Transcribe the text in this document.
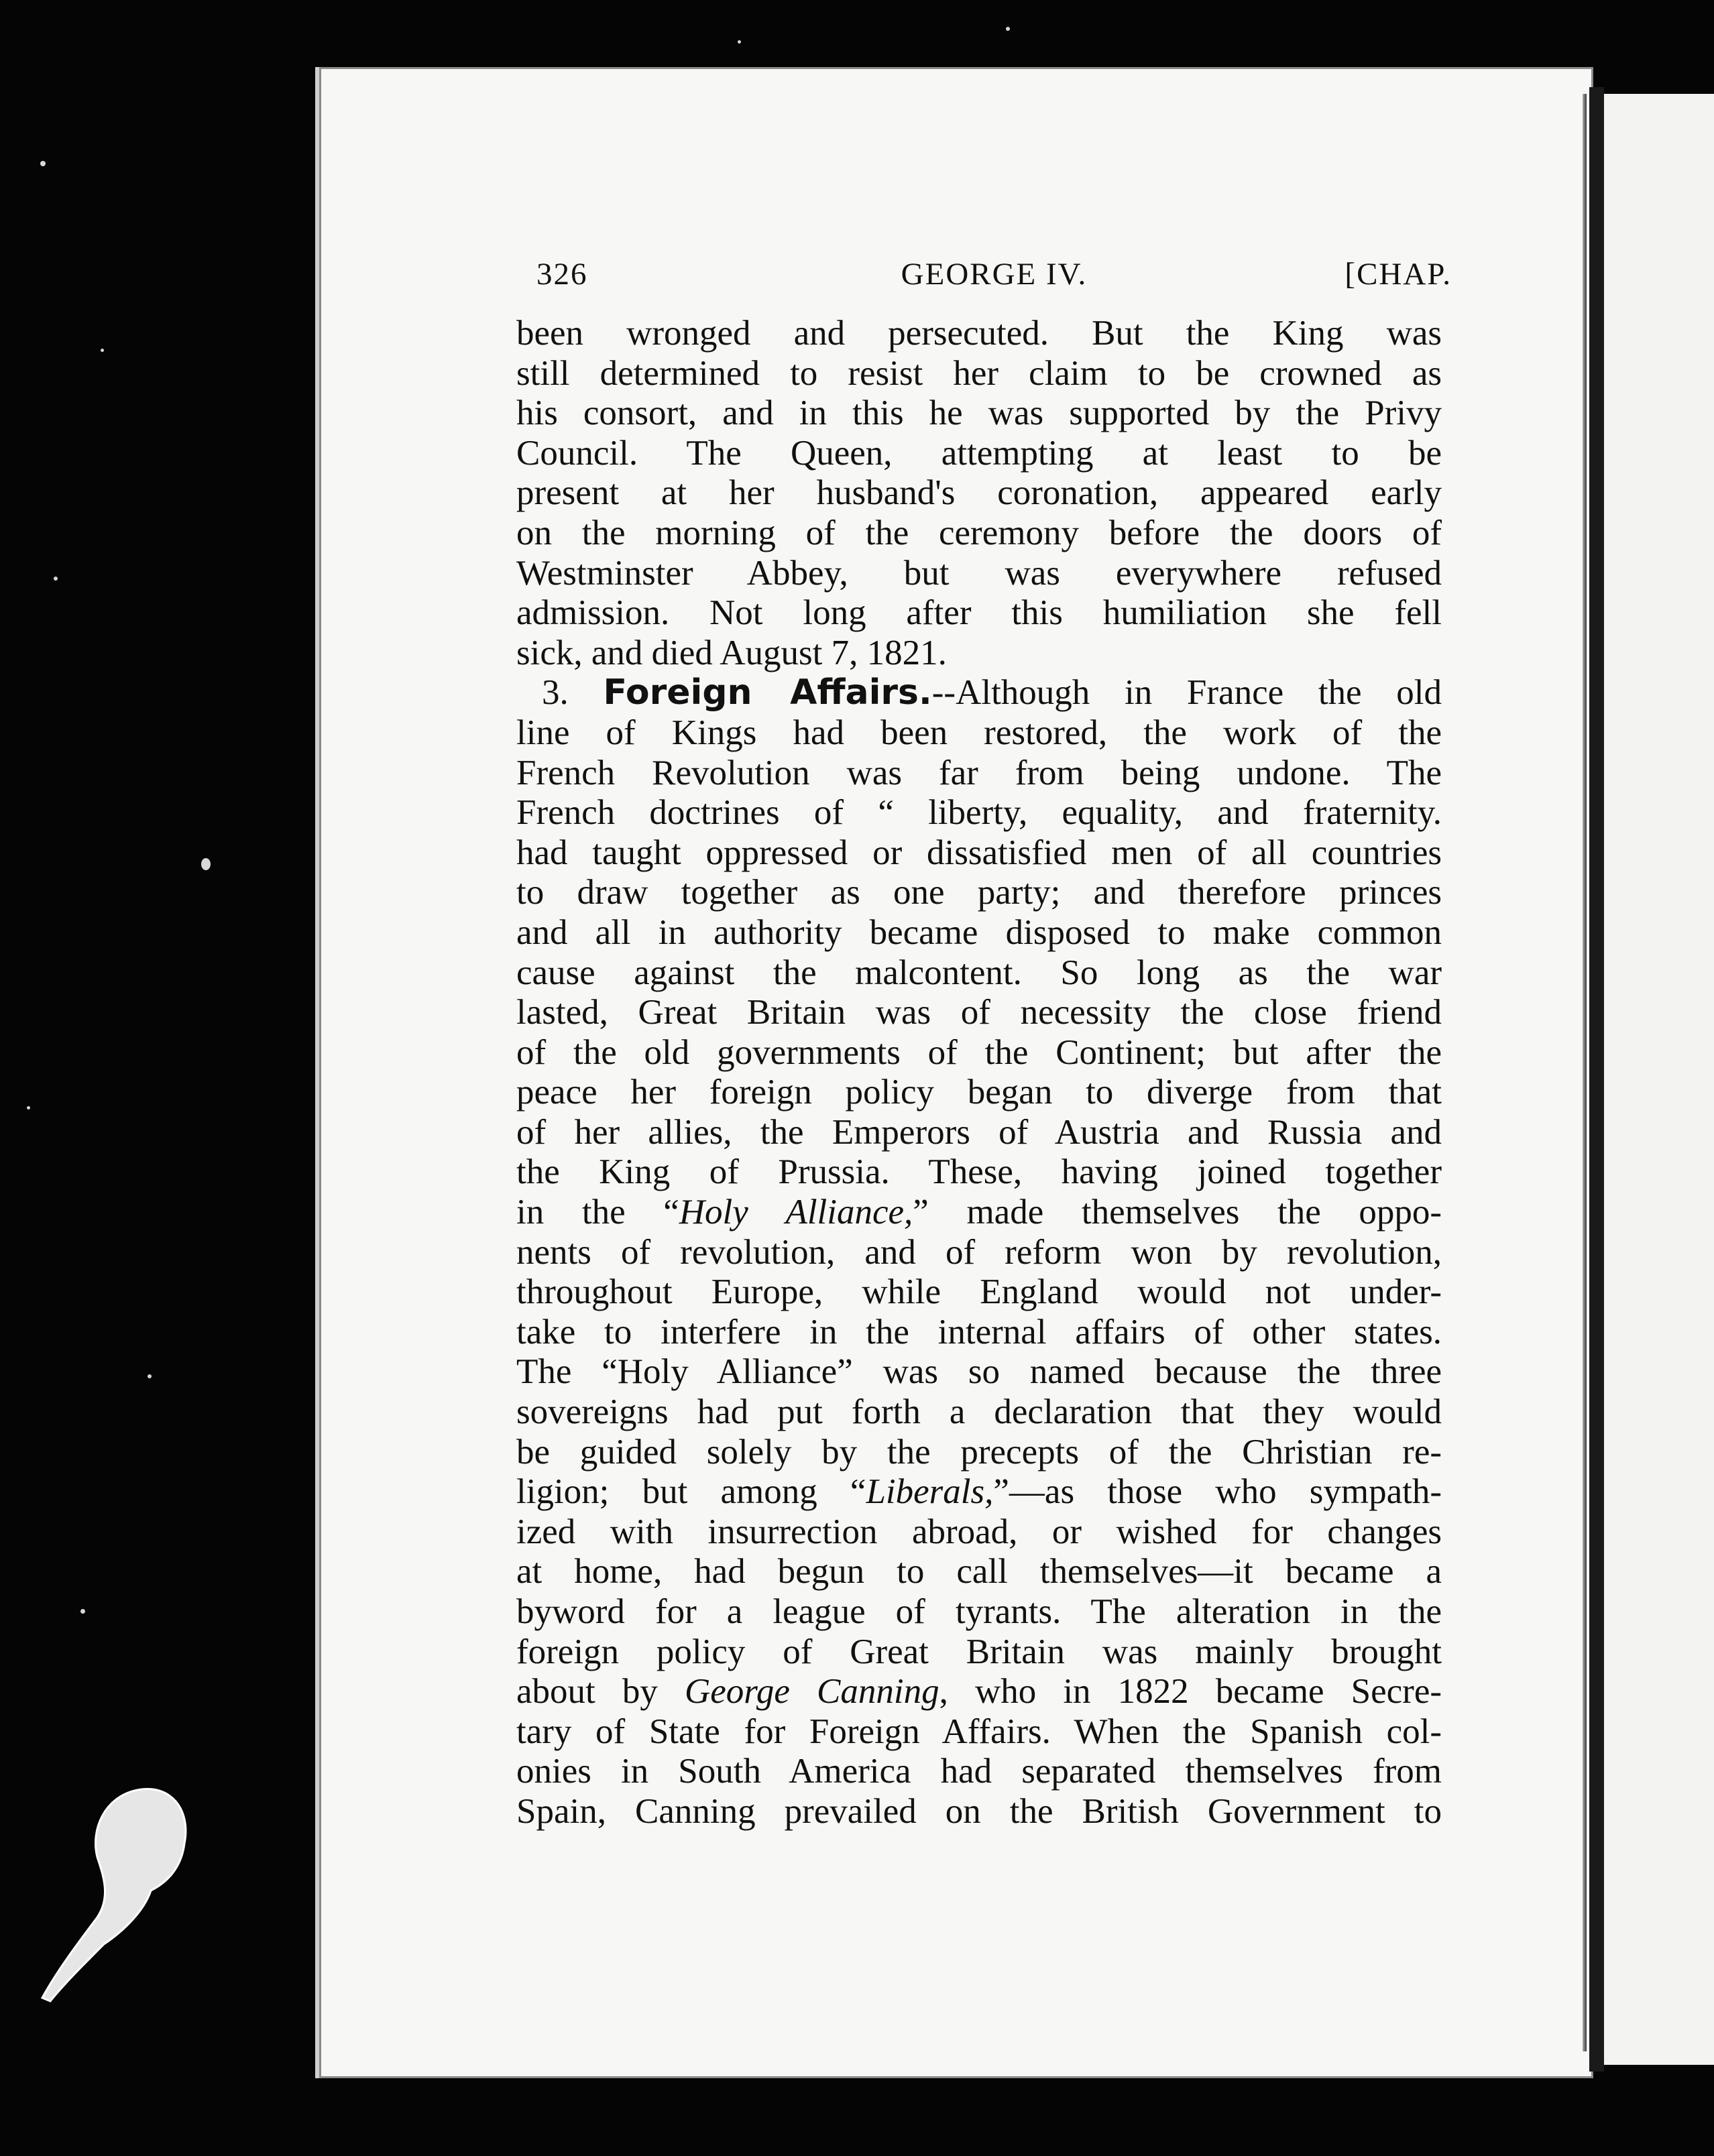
326	GEORGE IV.	[CHAP.
been wronged and persecuted. But the King was
still determined to resist her claim to be crowned as
his consort, and in this he was supported by the Privy
Council. The Queen, attempting at least to be
present at her husband's coronation, appeared early
on the morning of the ceremony before the doors of
Westminster Abbey, but was everywhere refused
admission. Not long after this humiliation she fell
sick, and died August 7, 1821.
3. Foreign Affairs.--Although in France the old
line of Kings had been restored, the work of the
French Revolution was far from being undone. The
French doctrines of “ liberty, equality, and fraternity.
had taught oppressed or dissatisfied men of all countries
to draw together as one party; and therefore princes
and all in authority became disposed to make common
cause against the malcontent. So long as the war
lasted, Great Britain was of necessity the close friend
of the old governments of the Continent; but after the
peace her foreign policy began to diverge from that
of her allies, the Emperors of Austria and Russia and
the King of Prussia. These, having joined together
in the “Holy Alliance,” made themselves the oppo-
nents of revolution, and of reform won by revolution,
throughout Europe, while England would not under-
take to interfere in the internal affairs of other states.
The “Holy Alliance” was so named because the three
sovereigns had put forth a declaration that they would
be guided solely by the precepts of the Christian re-
ligion; but among “Liberals,”—as those who sympath-
ized with insurrection abroad, or wished for changes
at home, had begun to call themselves—it became a
byword for a league of tyrants. The alteration in the
foreign policy of Great Britain was mainly brought
about by George Canning, who in 1822 became Secre-
tary of State for Foreign Affairs. When the Spanish col-
onies in South America had separated themselves from
Spain, Canning prevailed on the British Government to
